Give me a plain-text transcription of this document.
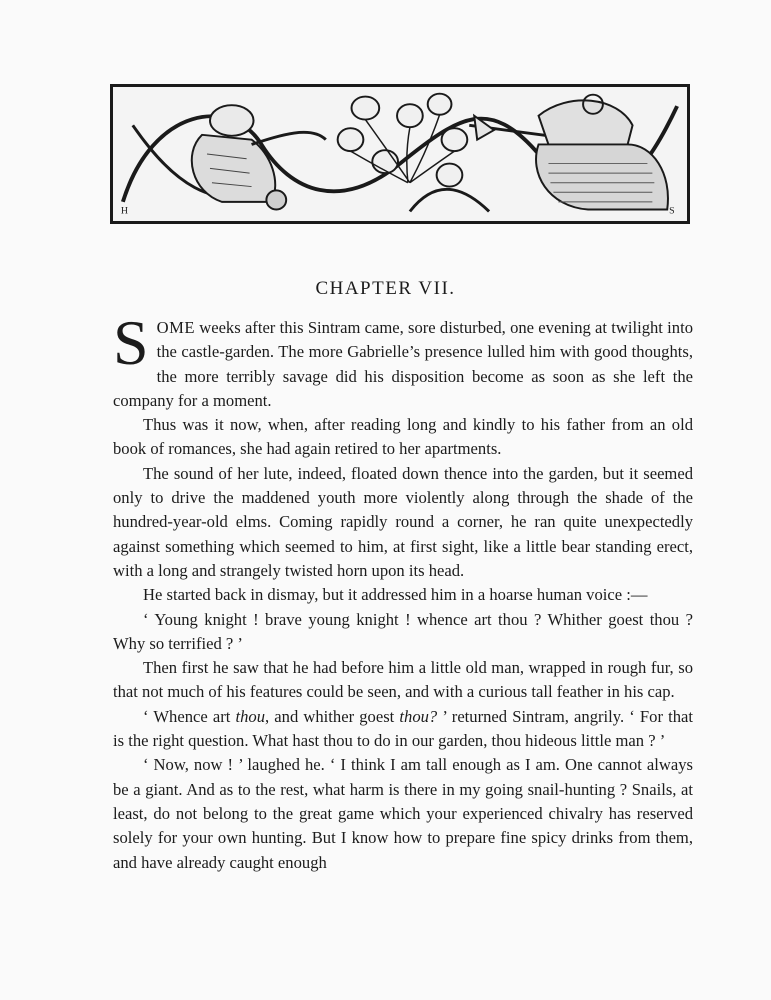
H	S
CHAPTER VII.

SOME weeks after this Sintram came, sore disturbed, one evening at twilight into the castle-garden. The more Gabrielle’s presence lulled him with good thoughts, the more terribly savage did his disposition become as soon as she left the company for a moment.

Thus was it now, when, after reading long and kindly to his father from an old book of romances, she had again retired to her apartments.

The sound of her lute, indeed, floated down thence into the garden, but it seemed only to drive the maddened youth more violently along through the shade of the hundred-year-old elms. Coming rapidly round a corner, he ran quite unexpectedly against something which seemed to him, at first sight, like a little bear standing erect, with a long and strangely twisted horn upon its head.

He started back in dismay, but it addressed him in a hoarse human voice :—

‘ Young knight ! brave young knight ! whence art thou ? Whither goest thou ? Why so terrified ? ’

Then first he saw that he had before him a little old man, wrapped in rough fur, so that not much of his features could be seen, and with a curious tall feather in his cap.

‘ Whence art thou, and whither goest thou? ’ returned Sintram, angrily. ‘ For that is the right question. What hast thou to do in our garden, thou hideous little man ? ’

‘ Now, now ! ’ laughed he. ‘ I think I am tall enough as I am. One cannot always be a giant. And as to the rest, what harm is there in my going snail-hunting ? Snails, at least, do not belong to the great game which your experienced chivalry has reserved solely for your own hunting. But I know how to prepare fine spicy drinks from them, and have already caught enough
